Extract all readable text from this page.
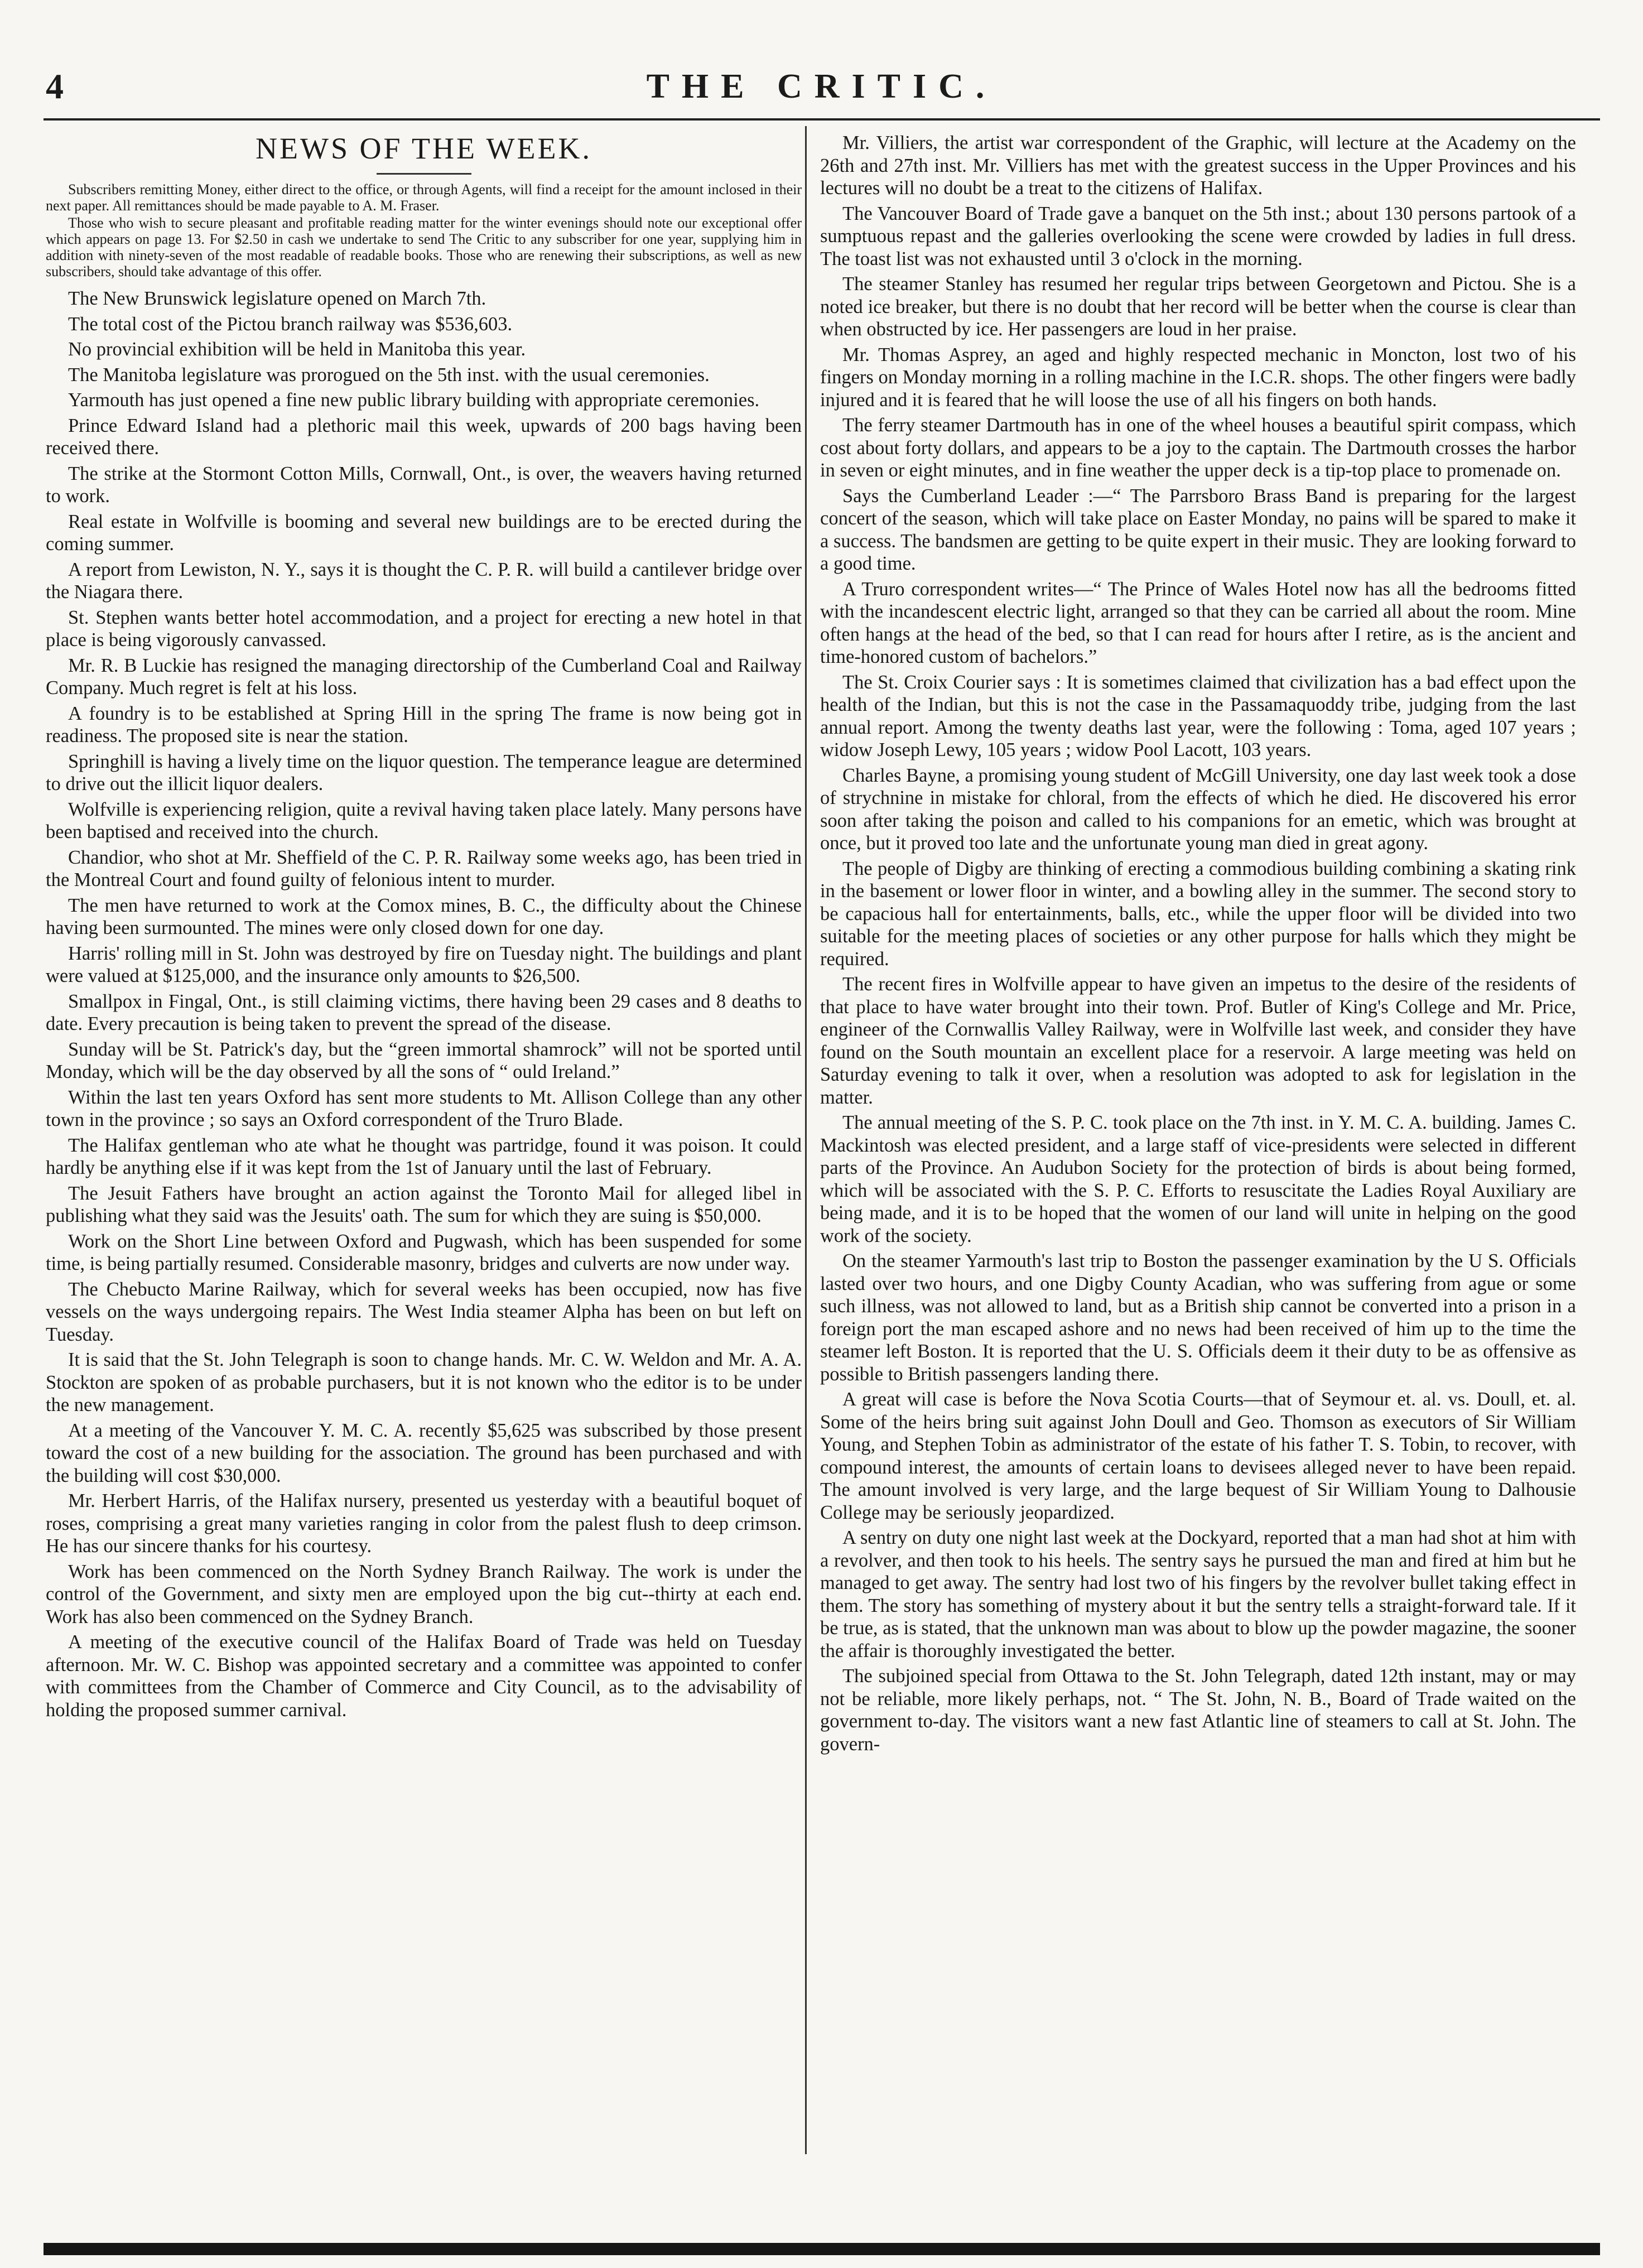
4	THE CRITIC.
NEWS OF THE WEEK.

Subscribers remitting Money, either direct to the office, or through Agents, will find a receipt for the amount inclosed in their next paper. All remittances should be made payable to A. M. Fraser.

Those who wish to secure pleasant and profitable reading matter for the winter evenings should note our exceptional offer which appears on page 13. For $2.50 in cash we undertake to send The Critic to any subscriber for one year, supplying him in addition with ninety-seven of the most readable of readable books. Those who are renewing their subscriptions, as well as new subscribers, should take advantage of this offer.

The New Brunswick legislature opened on March 7th.

The total cost of the Pictou branch railway was $536,603.

No provincial exhibition will be held in Manitoba this year.

The Manitoba legislature was prorogued on the 5th inst. with the usual ceremonies.

Yarmouth has just opened a fine new public library building with appropriate ceremonies.

Prince Edward Island had a plethoric mail this week, upwards of 200 bags having been received there.

The strike at the Stormont Cotton Mills, Cornwall, Ont., is over, the weavers having returned to work.

Real estate in Wolfville is booming and several new buildings are to be erected during the coming summer.

A report from Lewiston, N. Y., says it is thought the C. P. R. will build a cantilever bridge over the Niagara there.

St. Stephen wants better hotel accommodation, and a project for erecting a new hotel in that place is being vigorously canvassed.

Mr. R. B Luckie has resigned the managing directorship of the Cumberland Coal and Railway Company. Much regret is felt at his loss.

A foundry is to be established at Spring Hill in the spring The frame is now being got in readiness. The proposed site is near the station.

Springhill is having a lively time on the liquor question. The temperance league are determined to drive out the illicit liquor dealers.

Wolfville is experiencing religion, quite a revival having taken place lately. Many persons have been baptised and received into the church.

Chandior, who shot at Mr. Sheffield of the C. P. R. Railway some weeks ago, has been tried in the Montreal Court and found guilty of felonious intent to murder.

The men have returned to work at the Comox mines, B. C., the difficulty about the Chinese having been surmounted. The mines were only closed down for one day.

Harris' rolling mill in St. John was destroyed by fire on Tuesday night. The buildings and plant were valued at $125,000, and the insurance only amounts to $26,500.

Smallpox in Fingal, Ont., is still claiming victims, there having been 29 cases and 8 deaths to date. Every precaution is being taken to prevent the spread of the disease.

Sunday will be St. Patrick's day, but the “green immortal shamrock” will not be sported until Monday, which will be the day observed by all the sons of “ ould Ireland.”

Within the last ten years Oxford has sent more students to Mt. Allison College than any other town in the province ; so says an Oxford correspondent of the Truro Blade.

The Halifax gentleman who ate what he thought was partridge, found it was poison. It could hardly be anything else if it was kept from the 1st of January until the last of February.

The Jesuit Fathers have brought an action against the Toronto Mail for alleged libel in publishing what they said was the Jesuits' oath. The sum for which they are suing is $50,000.

Work on the Short Line between Oxford and Pugwash, which has been suspended for some time, is being partially resumed. Considerable masonry, bridges and culverts are now under way.

The Chebucto Marine Railway, which for several weeks has been occupied, now has five vessels on the ways undergoing repairs. The West India steamer Alpha has been on but left on Tuesday.

It is said that the St. John Telegraph is soon to change hands. Mr. C. W. Weldon and Mr. A. A. Stockton are spoken of as probable purchasers, but it is not known who the editor is to be under the new management.

At a meeting of the Vancouver Y. M. C. A. recently $5,625 was subscribed by those present toward the cost of a new building for the association. The ground has been purchased and with the building will cost $30,000.

Mr. Herbert Harris, of the Halifax nursery, presented us yesterday with a beautiful boquet of roses, comprising a great many varieties ranging in color from the palest flush to deep crimson. He has our sincere thanks for his courtesy.

Work has been commenced on the North Sydney Branch Railway. The work is under the control of the Government, and sixty men are employed upon the big cut--thirty at each end. Work has also been commenced on the Sydney Branch.

A meeting of the executive council of the Halifax Board of Trade was held on Tuesday afternoon. Mr. W. C. Bishop was appointed secretary and a committee was appointed to confer with committees from the Chamber of Commerce and City Council, as to the advisability of holding the proposed summer carnival.

Mr. Villiers, the artist war correspondent of the Graphic, will lecture at the Academy on the 26th and 27th inst. Mr. Villiers has met with the greatest success in the Upper Provinces and his lectures will no doubt be a treat to the citizens of Halifax.

The Vancouver Board of Trade gave a banquet on the 5th inst.; about 130 persons partook of a sumptuous repast and the galleries overlooking the scene were crowded by ladies in full dress. The toast list was not exhausted until 3 o'clock in the morning.

The steamer Stanley has resumed her regular trips between Georgetown and Pictou. She is a noted ice breaker, but there is no doubt that her record will be better when the course is clear than when obstructed by ice. Her passengers are loud in her praise.

Mr. Thomas Asprey, an aged and highly respected mechanic in Moncton, lost two of his fingers on Monday morning in a rolling machine in the I.C.R. shops. The other fingers were badly injured and it is feared that he will loose the use of all his fingers on both hands.

The ferry steamer Dartmouth has in one of the wheel houses a beautiful spirit compass, which cost about forty dollars, and appears to be a joy to the captain. The Dartmouth crosses the harbor in seven or eight minutes, and in fine weather the upper deck is a tip-top place to promenade on.

Says the Cumberland Leader :—“ The Parrsboro Brass Band is preparing for the largest concert of the season, which will take place on Easter Monday, no pains will be spared to make it a success. The bandsmen are getting to be quite expert in their music. They are looking forward to a good time.

A Truro correspondent writes—“ The Prince of Wales Hotel now has all the bedrooms fitted with the incandescent electric light, arranged so that they can be carried all about the room. Mine often hangs at the head of the bed, so that I can read for hours after I retire, as is the ancient and time-honored custom of bachelors.”

The St. Croix Courier says : It is sometimes claimed that civilization has a bad effect upon the health of the Indian, but this is not the case in the Passamaquoddy tribe, judging from the last annual report. Among the twenty deaths last year, were the following : Toma, aged 107 years ; widow Joseph Lewy, 105 years ; widow Pool Lacott, 103 years.

Charles Bayne, a promising young student of McGill University, one day last week took a dose of strychnine in mistake for chloral, from the effects of which he died. He discovered his error soon after taking the poison and called to his companions for an emetic, which was brought at once, but it proved too late and the unfortunate young man died in great agony.

The people of Digby are thinking of erecting a commodious building combining a skating rink in the basement or lower floor in winter, and a bowling alley in the summer. The second story to be capacious hall for entertainments, balls, etc., while the upper floor will be divided into two suitable for the meeting places of societies or any other purpose for halls which they might be required.

The recent fires in Wolfville appear to have given an impetus to the desire of the residents of that place to have water brought into their town. Prof. Butler of King's College and Mr. Price, engineer of the Cornwallis Valley Railway, were in Wolfville last week, and consider they have found on the South mountain an excellent place for a reservoir. A large meeting was held on Saturday evening to talk it over, when a resolution was adopted to ask for legislation in the matter.

The annual meeting of the S. P. C. took place on the 7th inst. in Y. M. C. A. building. James C. Mackintosh was elected president, and a large staff of vice-presidents were selected in different parts of the Province. An Audubon Society for the protection of birds is about being formed, which will be associated with the S. P. C. Efforts to resuscitate the Ladies Royal Auxiliary are being made, and it is to be hoped that the women of our land will unite in helping on the good work of the society.

On the steamer Yarmouth's last trip to Boston the passenger examination by the U S. Officials lasted over two hours, and one Digby County Acadian, who was suffering from ague or some such illness, was not allowed to land, but as a British ship cannot be converted into a prison in a foreign port the man escaped ashore and no news had been received of him up to the time the steamer left Boston. It is reported that the U. S. Officials deem it their duty to be as offensive as possible to British passengers landing there.

A great will case is before the Nova Scotia Courts—that of Seymour et. al. vs. Doull, et. al. Some of the heirs bring suit against John Doull and Geo. Thomson as executors of Sir William Young, and Stephen Tobin as administrator of the estate of his father T. S. Tobin, to recover, with compound interest, the amounts of certain loans to devisees alleged never to have been repaid. The amount involved is very large, and the large bequest of Sir William Young to Dalhousie College may be seriously jeopardized.

A sentry on duty one night last week at the Dockyard, reported that a man had shot at him with a revolver, and then took to his heels. The sentry says he pursued the man and fired at him but he managed to get away. The sentry had lost two of his fingers by the revolver bullet taking effect in them. The story has something of mystery about it but the sentry tells a straight-forward tale. If it be true, as is stated, that the unknown man was about to blow up the powder magazine, the sooner the affair is thoroughly investigated the better.

The subjoined special from Ottawa to the St. John Telegraph, dated 12th instant, may or may not be reliable, more likely perhaps, not. “ The St. John, N. B., Board of Trade waited on the government to-day. The visitors want a new fast Atlantic line of steamers to call at St. John. The govern-
